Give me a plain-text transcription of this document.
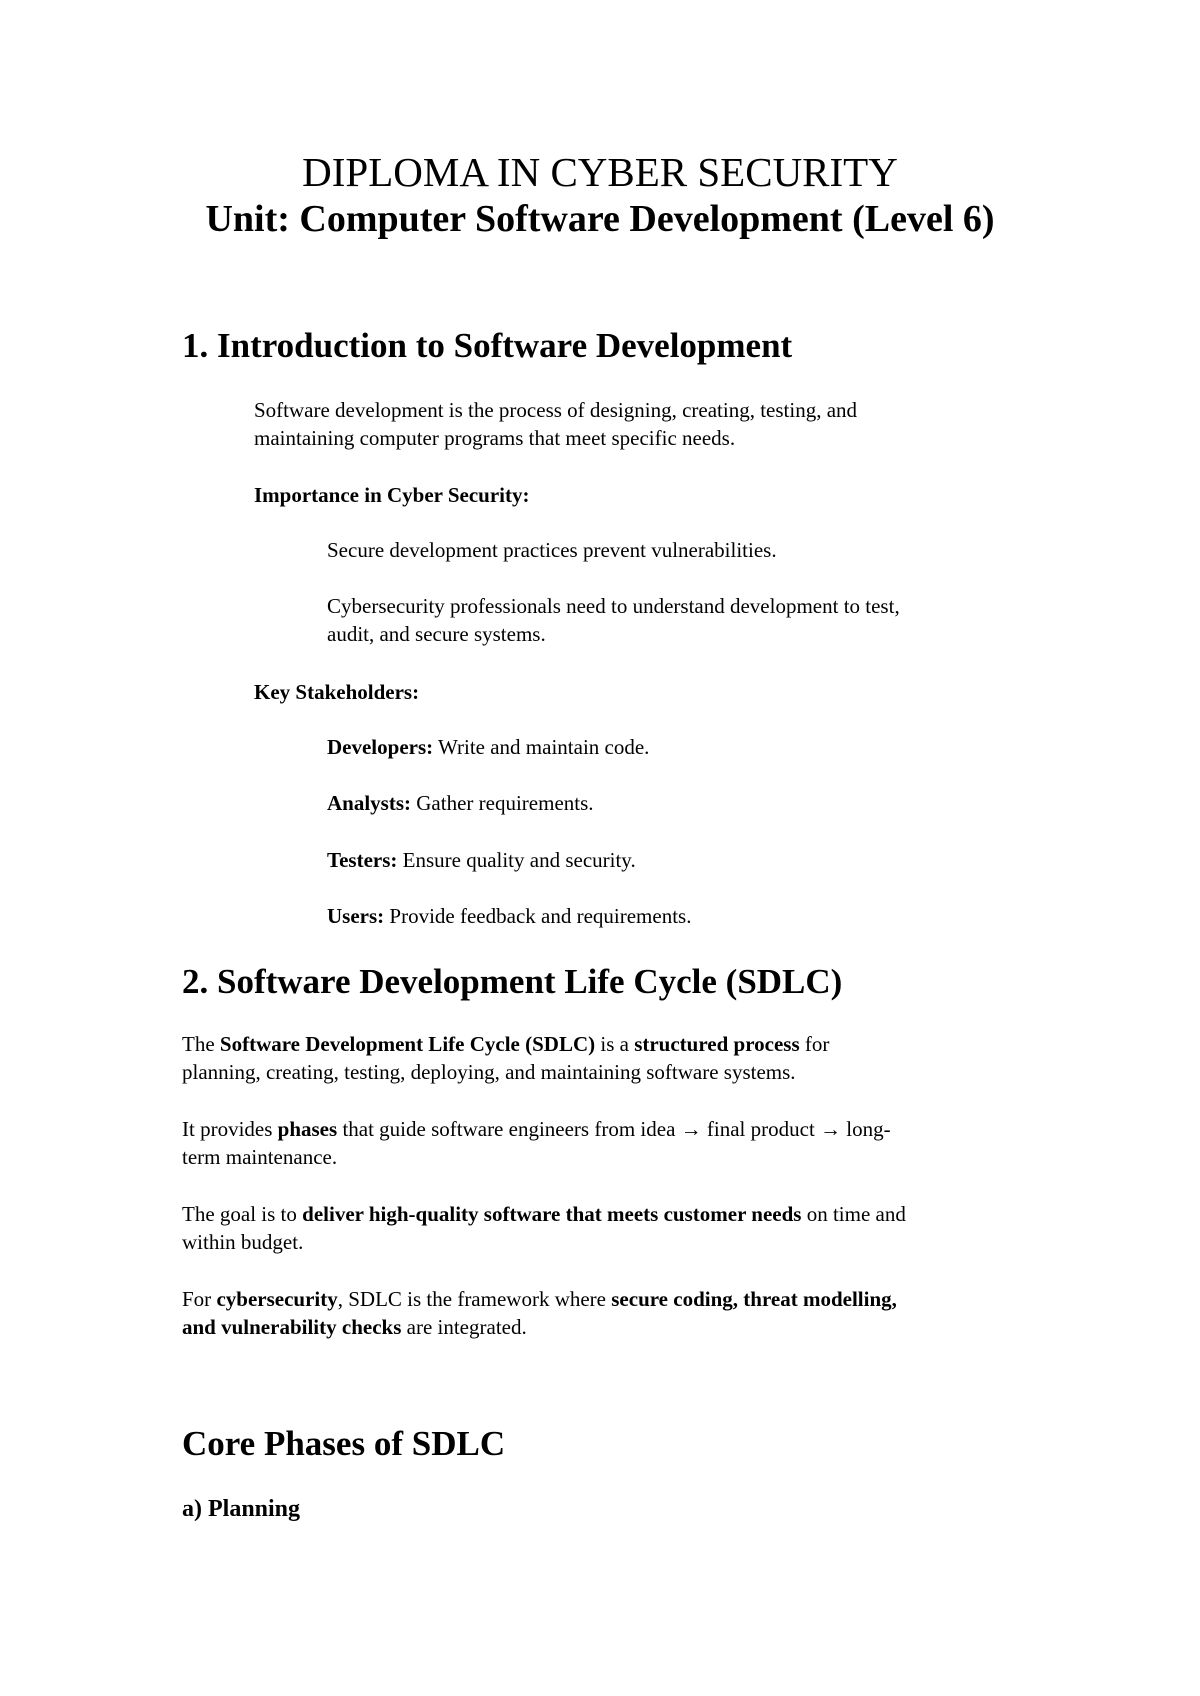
DIPLOMA IN CYBER SECURITY

Unit: Computer Software Development (Level 6)

1. Introduction to Software Development

Software development is the process of designing, creating, testing, and

maintaining computer programs that meet specific needs.

Importance in Cyber Security:

Secure development practices prevent vulnerabilities.

Cybersecurity professionals need to understand development to test,

audit, and secure systems.

Key Stakeholders:

Developers: Write and maintain code.

Analysts: Gather requirements.

Testers: Ensure quality and security.

Users: Provide feedback and requirements.

2. Software Development Life Cycle (SDLC)

The Software Development Life Cycle (SDLC) is a structured process for

planning, creating, testing, deploying, and maintaining software systems.

It provides phases that guide software engineers from idea → final product → long-

term maintenance.

The goal is to deliver high-quality software that meets customer needs on time and

within budget.

For cybersecurity, SDLC is the framework where secure coding, threat modelling,

and vulnerability checks are integrated.

Core Phases of SDLC

a) Planning
